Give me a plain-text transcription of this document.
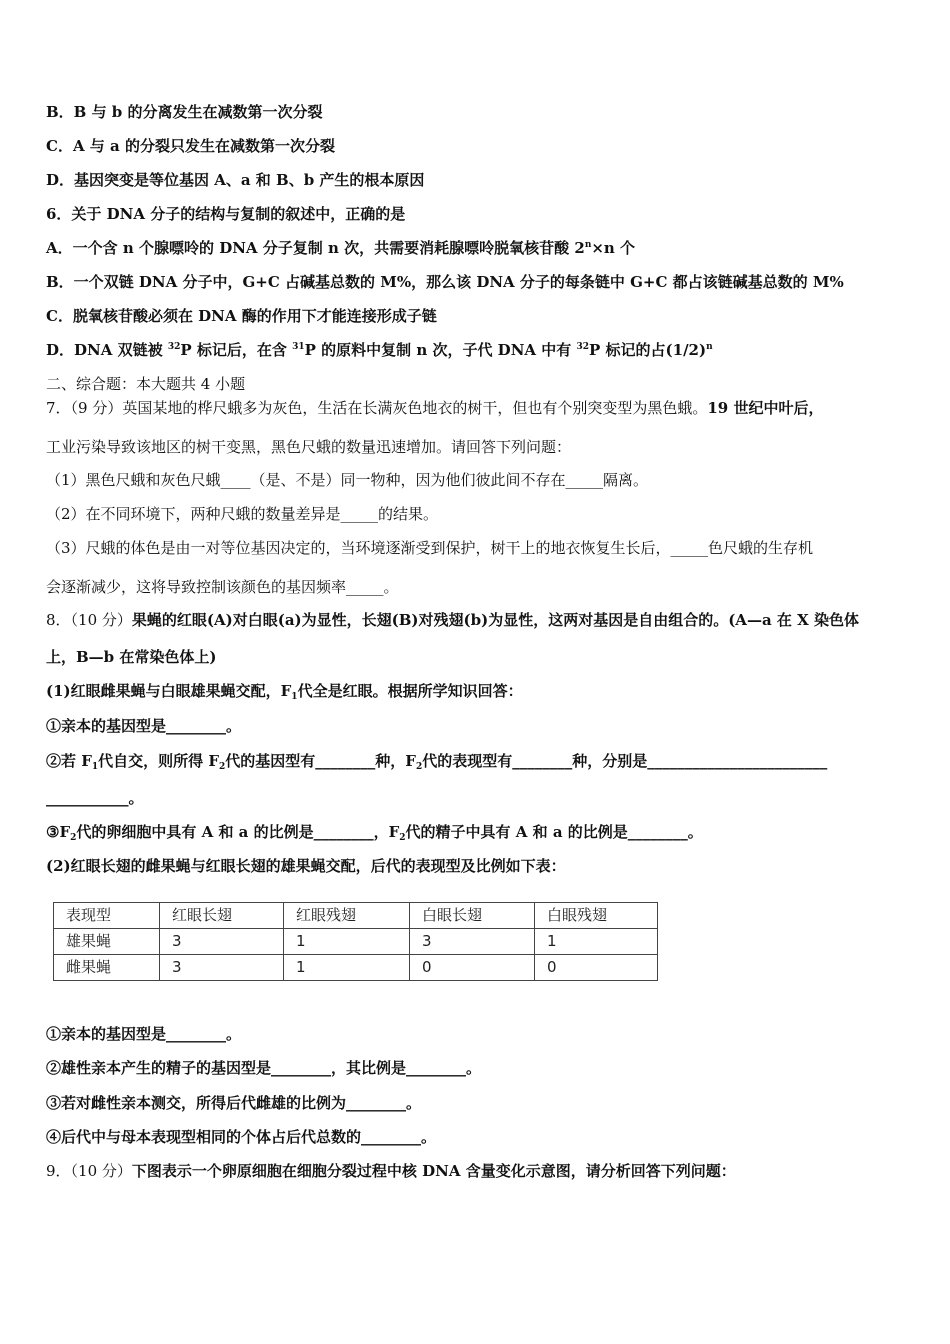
B．B 与 b 的分离发生在减数第一次分裂
C．A 与 a 的分裂只发生在减数第一次分裂
D．基因突变是等位基因 A、a 和 B、b 产生的根本原因
6．关于 DNA 分子的结构与复制的叙述中，正确的是
A．一个含 n 个腺嘌呤的 DNA 分子复制 n 次，共需要消耗腺嘌呤脱氧核苷酸 $2^n\times n$ 个
B．一个双链 DNA 分子中，G+C 占碱基总数的 M%，那么该 DNA 分子的每条链中 G+C 都占该链碱基总数的 M%
C．脱氧核苷酸必须在 DNA 酶的作用下才能连接形成子链
D．DNA 双链被 $^{32}$P 标记后，在含 $^{31}$P 的原料中复制 n 次，子代 DNA 中有 $^{32}$P 标记的占$(1/2)^n$
二、综合题：本大题共 4 小题
7．（9 分）英国某地的桦尺蛾多为灰色，生活在长满灰色地衣的树干，但也有个别突变型为黑色蛾。19 世纪中叶后，
工业污染导致该地区的树干变黑，黑色尺蛾的数量迅速增加。请回答下列问题：
（1）黑色尺蛾和灰色尺蛾____（是、不是）同一物种，因为他们彼此间不存在_____隔离。
（2）在不同环境下，两种尺蛾的数量差异是_____的结果。
（3）尺蛾的体色是由一对等位基因决定的，当环境逐渐受到保护，树干上的地衣恢复生长后，_____色尺蛾的生存机
会逐渐减少，这将导致控制该颜色的基因频率_____。
8．（10 分）果蝇的红眼(A)对白眼(a)为显性，长翅(B)对残翅(b)为显性，这两对基因是自由组合的。(A—a 在 X 染色体
上，B—b 在常染色体上)
(1)红眼雌果蝇与白眼雄果蝇交配，$F_1$代全是红眼。根据所学知识回答：
①亲本的基因型是________。
②若 $F_1$代自交，则所得 $F_2$代的基因型有________种，$F_2$代的表现型有________种，分别是________________________
___________。
$③F_2$代的卵细胞中具有 A 和 a 的比例是________，$F_2$代的精子中具有 A 和 a 的比例是________。
(2)红眼长翅的雌果蝇与红眼长翅的雄果蝇交配，后代的表现型及比例如下表：
表现型	红眼长翅	红眼残翅	白眼长翅	白眼残翅
雄果蝇	3	1	3	1
雌果蝇	3	1	0	0
①亲本的基因型是________。
②雄性亲本产生的精子的基因型是________，其比例是________。
③若对雌性亲本测交，所得后代雌雄的比例为________。
④后代中与母本表现型相同的个体占后代总数的________。
9．（10 分）下图表示一个卵原细胞在细胞分裂过程中核 DNA 含量变化示意图，请分析回答下列问题：
